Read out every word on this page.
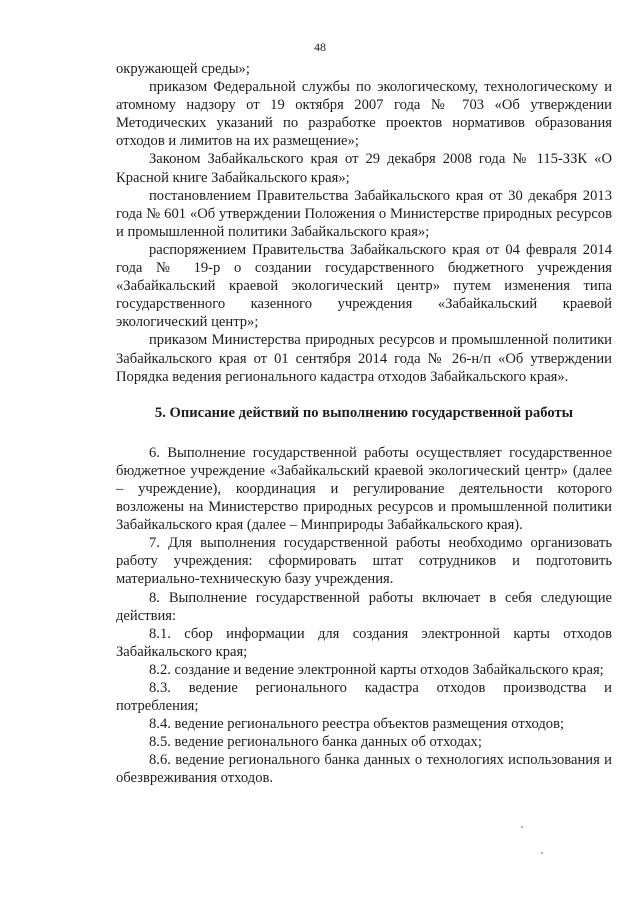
48

окружающей среды»;

приказом Федеральной службы по экологическому, технологическому и атомному надзору от 19 октября 2007 года № 703 «Об утверждении Методических указаний по разработке проектов нормативов образования отходов и лимитов на их размещение»;

Законом Забайкальского края от 29 декабря 2008 года № 115-ЗЗК «О Красной книге Забайкальского края»;

постановлением Правительства Забайкальского края от 30 декабря 2013 года № 601 «Об утверждении Положения о Министерстве природных ресурсов и промышленной политики Забайкальского края»;

распоряжением Правительства Забайкальского края от 04 февраля 2014 года № 19-р о создании государственного бюджетного учреждения «Забайкальский краевой экологический центр» путем изменения типа государственного казенного учреждения «Забайкальский краевой экологический центр»;

приказом Министерства природных ресурсов и промышленной политики Забайкальского края от 01 сентября 2014 года № 26-н/п «Об утверждении Порядка ведения регионального кадастра отходов Забайкальского края».

5. Описание действий по выполнению государственной работы

6. Выполнение государственной работы осуществляет государственное бюджетное учреждение «Забайкальский краевой экологический центр» (далее – учреждение), координация и регулирование деятельности которого возложены на Министерство природных ресурсов и промышленной политики Забайкальского края (далее – Минприроды Забайкальского края).

7. Для выполнения государственной работы необходимо организовать работу учреждения: сформировать штат сотрудников и подготовить материально-техническую базу учреждения.

8. Выполнение государственной работы включает в себя следующие действия:

8.1. сбор информации для создания электронной карты отходов Забайкальского края;

8.2. создание и ведение электронной карты отходов Забайкальского края;

8.3. ведение регионального кадастра отходов производства и потребления;

8.4. ведение регионального реестра объектов размещения отходов;

8.5. ведение регионального банка данных об отходах;

8.6. ведение регионального банка данных о технологиях использования и обезвреживания отходов.
